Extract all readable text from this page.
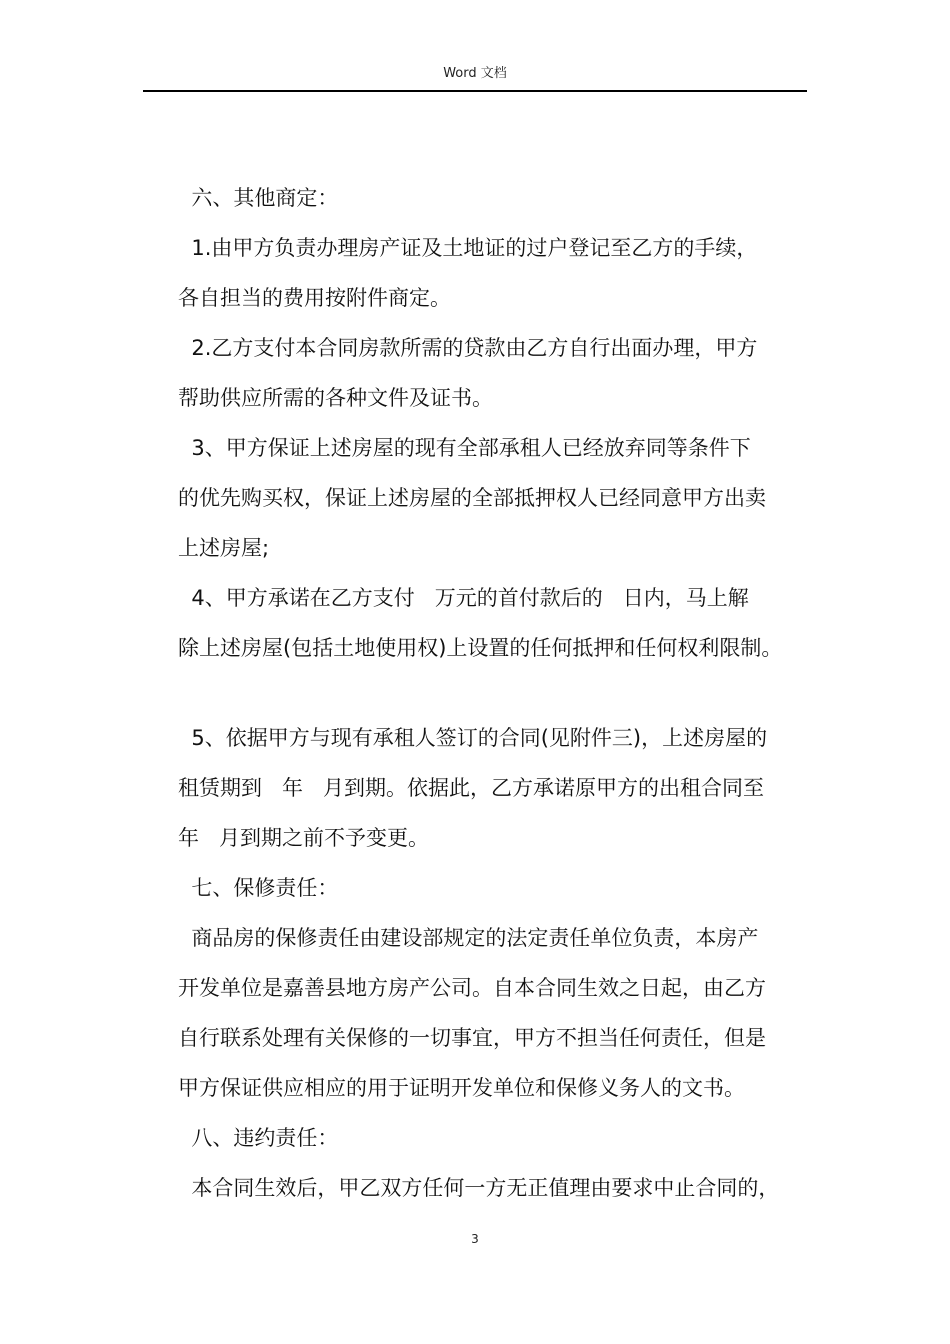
Word 文档
六、其他商定：
1.由甲方负责办理房产证及土地证的过户登记至乙方的手续，
各自担当的费用按附件商定。
2.乙方支付本合同房款所需的贷款由乙方自行出面办理，甲方
帮助供应所需的各种文件及证书。
3、甲方保证上述房屋的现有全部承租人已经放弃同等条件下
的优先购买权，保证上述房屋的全部抵押权人已经同意甲方出卖
上述房屋;
4、甲方承诺在乙方支付   万元的首付款后的   日内，马上解
除上述房屋(包括土地使用权)上设置的任何抵押和任何权利限制。
5、依据甲方与现有承租人签订的合同(见附件三)，上述房屋的
租赁期到   年   月到期。依据此，乙方承诺原甲方的出租合同至
年   月到期之前不予变更。
七、保修责任：
商品房的保修责任由建设部规定的法定责任单位负责，本房产
开发单位是嘉善县地方房产公司。自本合同生效之日起，由乙方
自行联系处理有关保修的一切事宜，甲方不担当任何责任，但是
甲方保证供应相应的用于证明开发单位和保修义务人的文书。
八、违约责任：
本合同生效后，甲乙双方任何一方无正值理由要求中止合同的，
3
